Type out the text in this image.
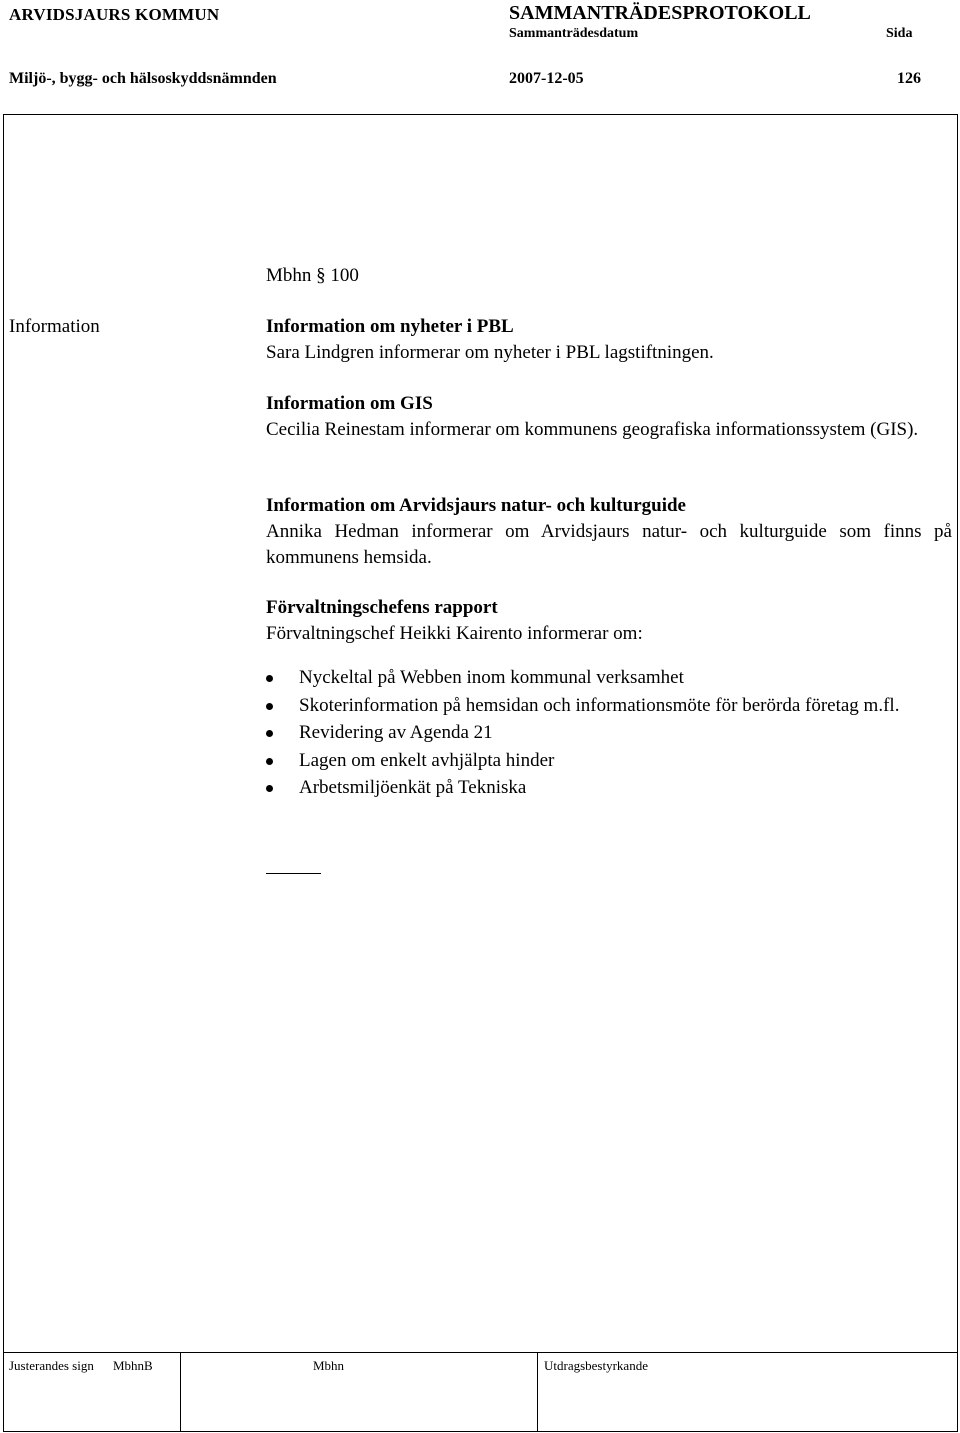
ARVIDSJAURS KOMMUN	SAMMANTRÄDESPROTOKOLL
Sammanträdesdatum	Sida
Miljö-, bygg- och hälsoskyddsnämnden	2007-12-05	126
Mbhn § 100
Information	Information om nyheter i PBL
Sara Lindgren informerar om nyheter i PBL lagstiftningen.
Information om GIS
Cecilia Reinestam informerar om kommunens geografiska informationssystem (GIS).
Information om Arvidsjaurs natur- och kulturguide
Annika Hedman informerar om Arvidsjaurs natur- och kulturguide som finns på kommunens hemsida.
Förvaltningschefens rapport
Förvaltningschef Heikki Kairento informerar om:
Nyckeltal på Webben inom kommunal verksamhet
Skoterinformation på hemsidan och informationsmöte för berörda företag m.fl.
Revidering av Agenda 21
Lagen om enkelt avhjälpta hinder
Arbetsmiljöenkät på Tekniska
Justerandes sign MbhnB	Mbhn	Utdragsbestyrkande
